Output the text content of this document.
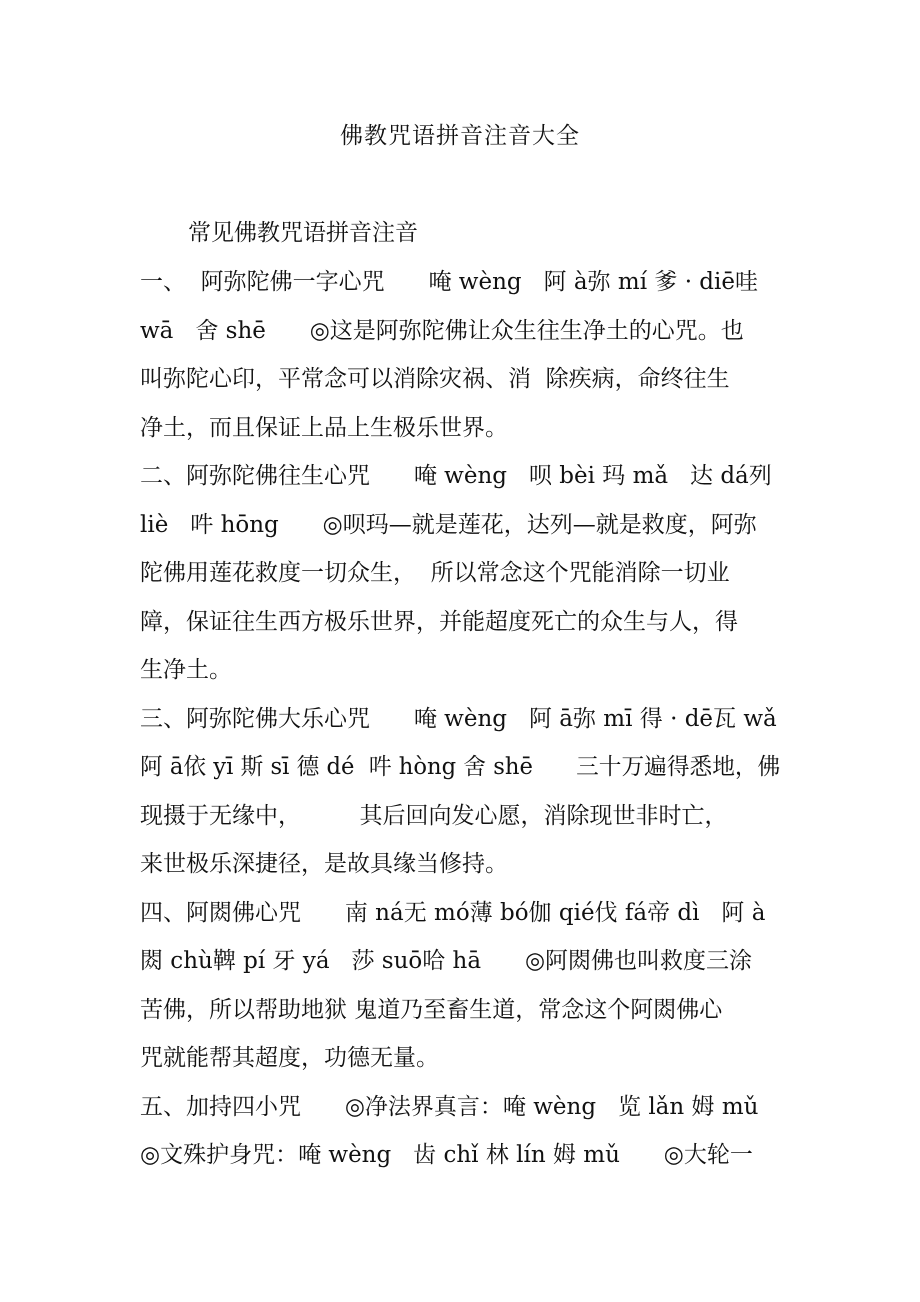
佛教咒语拼音注音大全
常见佛教咒语拼音注音
一、  阿弥陀佛一字心咒      唵 wèng   阿 à弥 mí 爹 · diē哇
wā   舍 shē      ◎这是阿弥陀佛让众生往生净土的心咒。也
叫弥陀心印，平常念可以消除灾祸、消  除疾病，命终往生
净土，而且保证上品上生极乐世界。
二、阿弥陀佛往生心咒      唵 wèng   呗 bèi 玛 mǎ   达 dá列
liè   吽 hōng      ◎呗玛—就是莲花，达列—就是救度，阿弥
陀佛用莲花救度一切众生，  所以常念这个咒能消除一切业
障，保证往生西方极乐世界，并能超度死亡的众生与人，得
生净土。
三、阿弥陀佛大乐心咒      唵 wèng   阿 ā弥 mī 得 · dē瓦 wǎ
阿 ā依 yī 斯 sī 德 dé  吽 hòng 舍 shē      三十万遍得悉地，佛
现摄于无缘中，        其后回向发心愿，消除现世非时亡，
来世极乐深捷径，是故具缘当修持。
四、阿閦佛心咒      南 ná无 mó薄 bó伽 qié伐 fá帝 dì   阿 à
閦 chù鞞 pí 牙 yá   莎 suō哈 hā      ◎阿閦佛也叫救度三涂
苦佛，所以帮助地狱 鬼道乃至畜生道，常念这个阿閦佛心
咒就能帮其超度，功德无量。
五、加持四小咒      ◎净法界真言：唵 wèng   览 lǎn 姆 mǔ
◎文殊护身咒：唵 wèng   齿 chǐ 林 lín 姆 mǔ      ◎大轮一
